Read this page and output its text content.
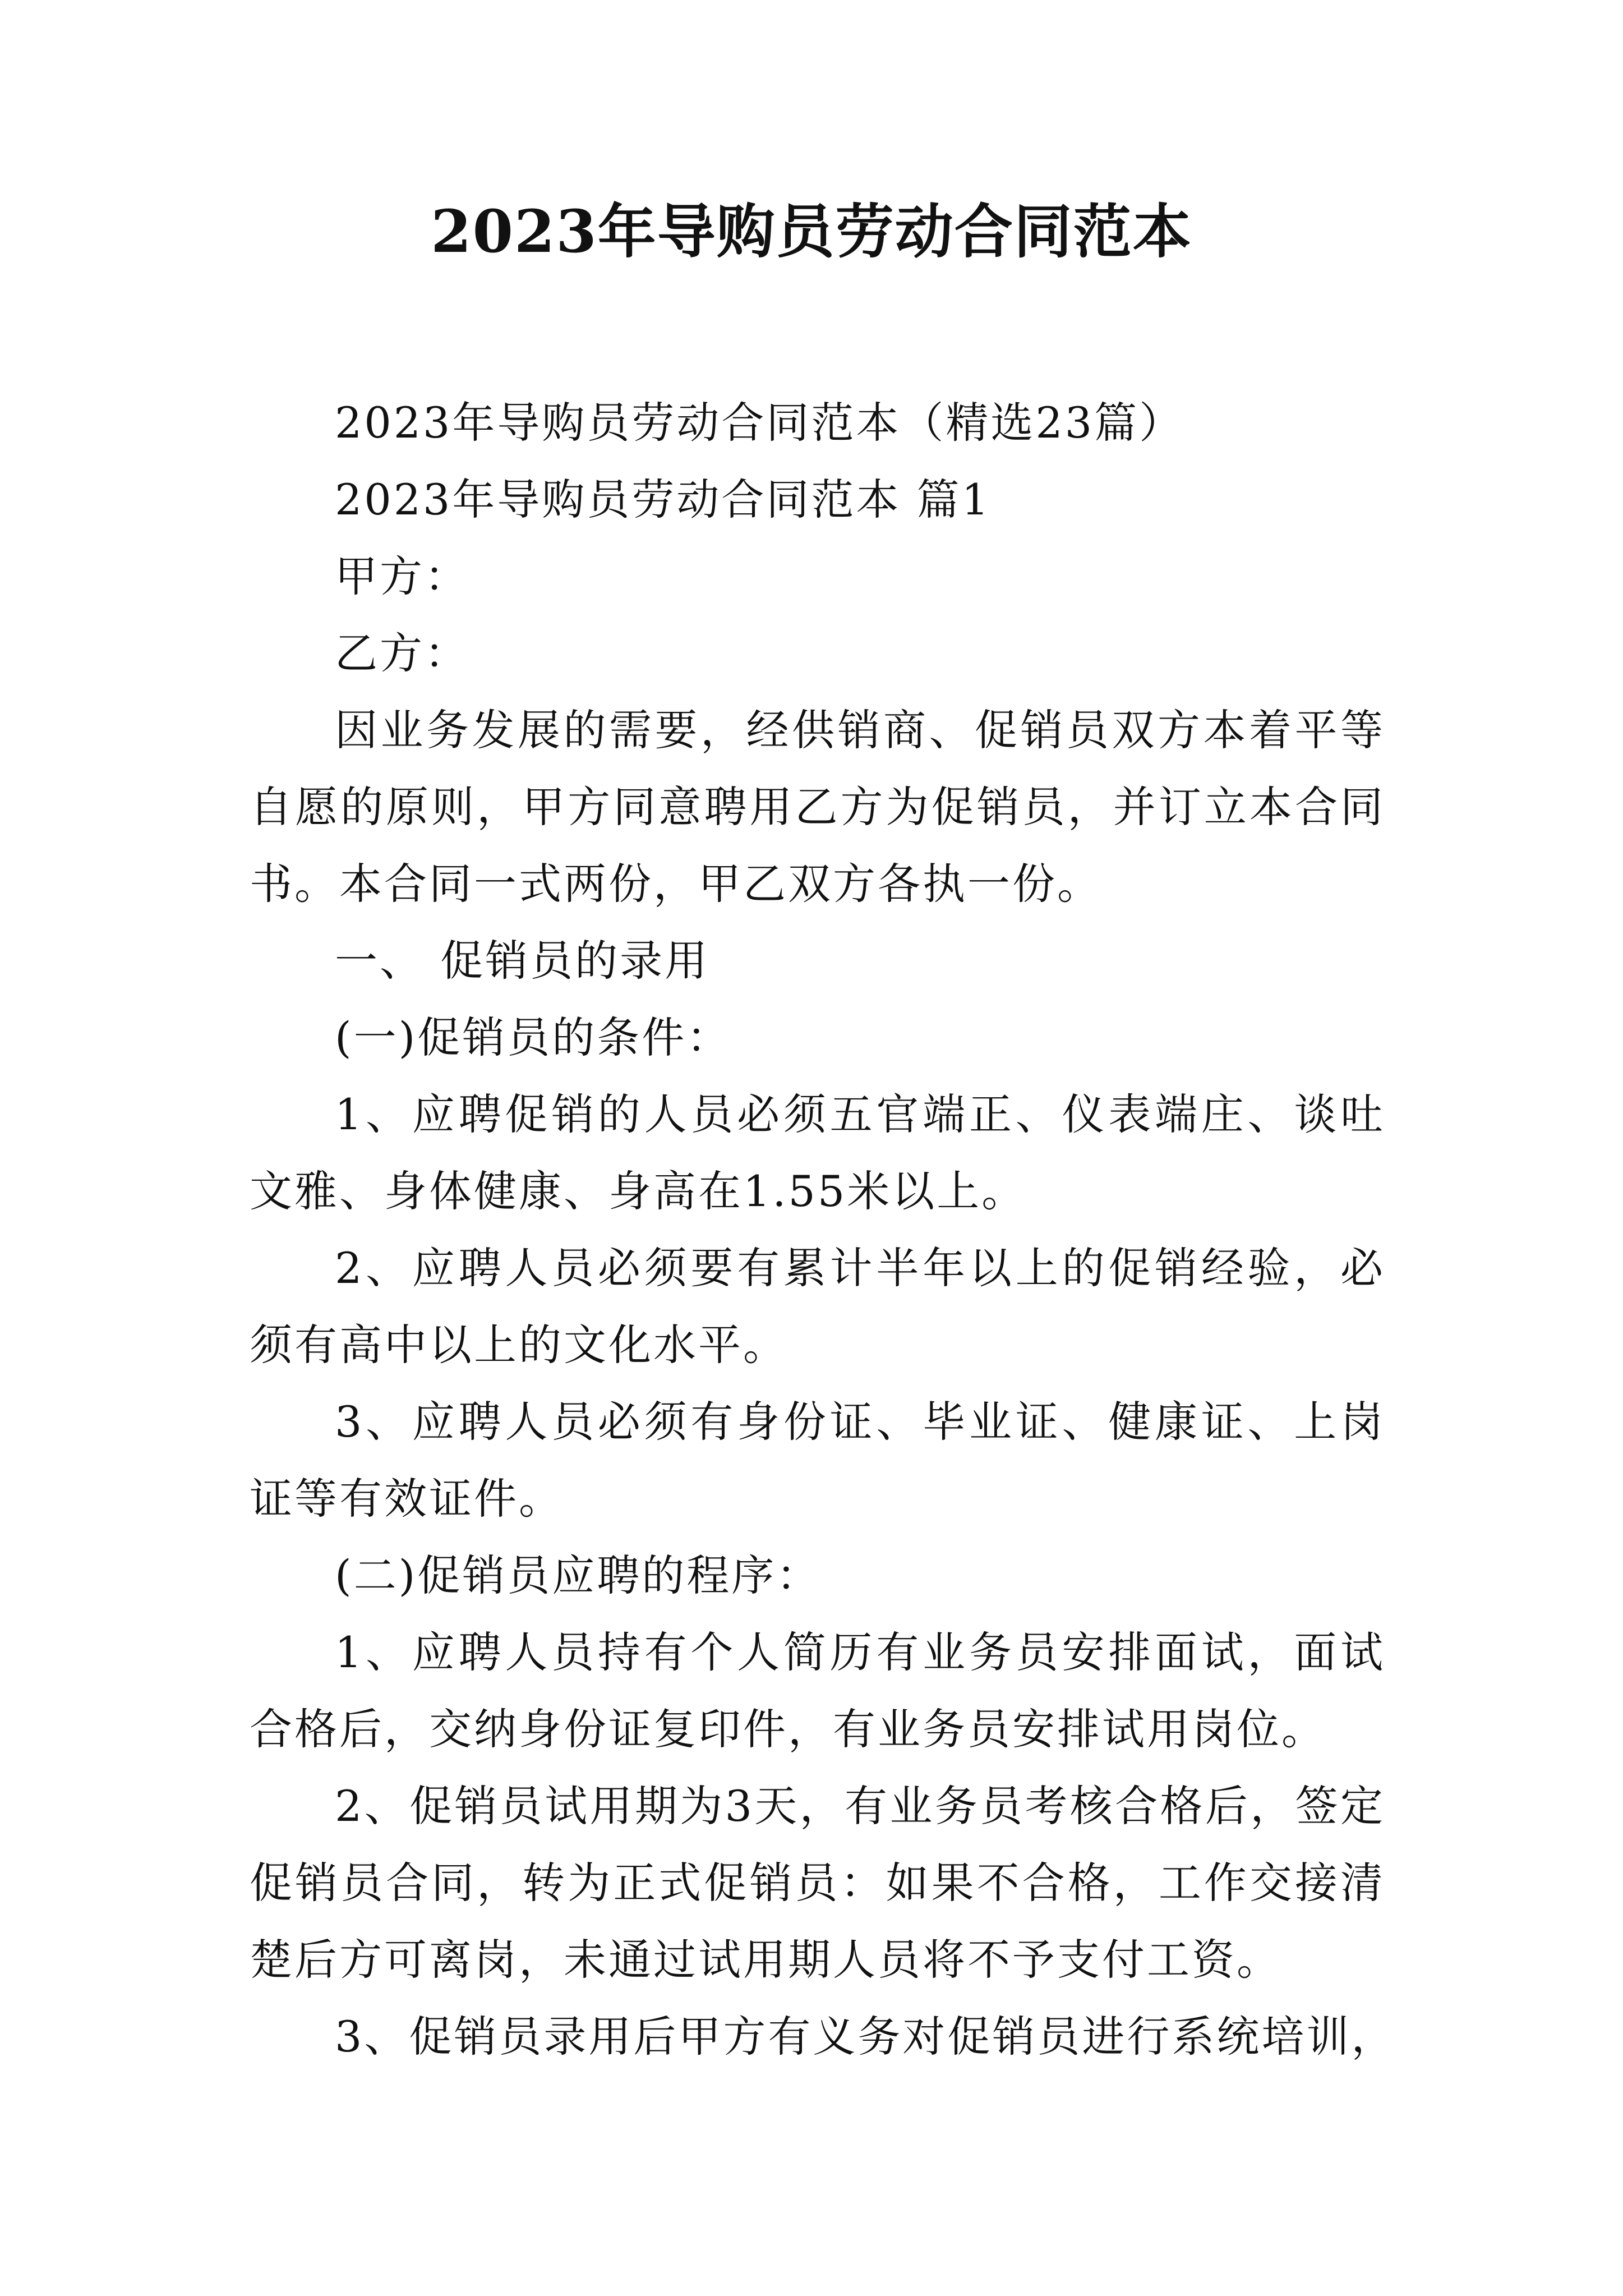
2023年导购员劳动合同范本

2023年导购员劳动合同范本（精选23篇）

2023年导购员劳动合同范本 篇1

甲方：

乙方：

因业务发展的需要，经供销商、促销员双方本着平等自愿的原则，甲方同意聘用乙方为促销员，并订立本合同书。本合同一式两份，甲乙双方各执一份。

一、 促销员的录用

(一)促销员的条件：

1、应聘促销的人员必须五官端正、仪表端庄、谈吐文雅、身体健康、身高在1.55米以上。

2、应聘人员必须要有累计半年以上的促销经验，必须有高中以上的文化水平。

3、应聘人员必须有身份证、毕业证、健康证、上岗证等有效证件。

(二)促销员应聘的程序：

1、应聘人员持有个人简历有业务员安排面试，面试合格后，交纳身份证复印件，有业务员安排试用岗位。

2、促销员试用期为3天，有业务员考核合格后，签定促销员合同，转为正式促销员：如果不合格，工作交接清楚后方可离岗，未通过试用期人员将不予支付工资。

3、促销员录用后甲方有义务对促销员进行系统培训，
